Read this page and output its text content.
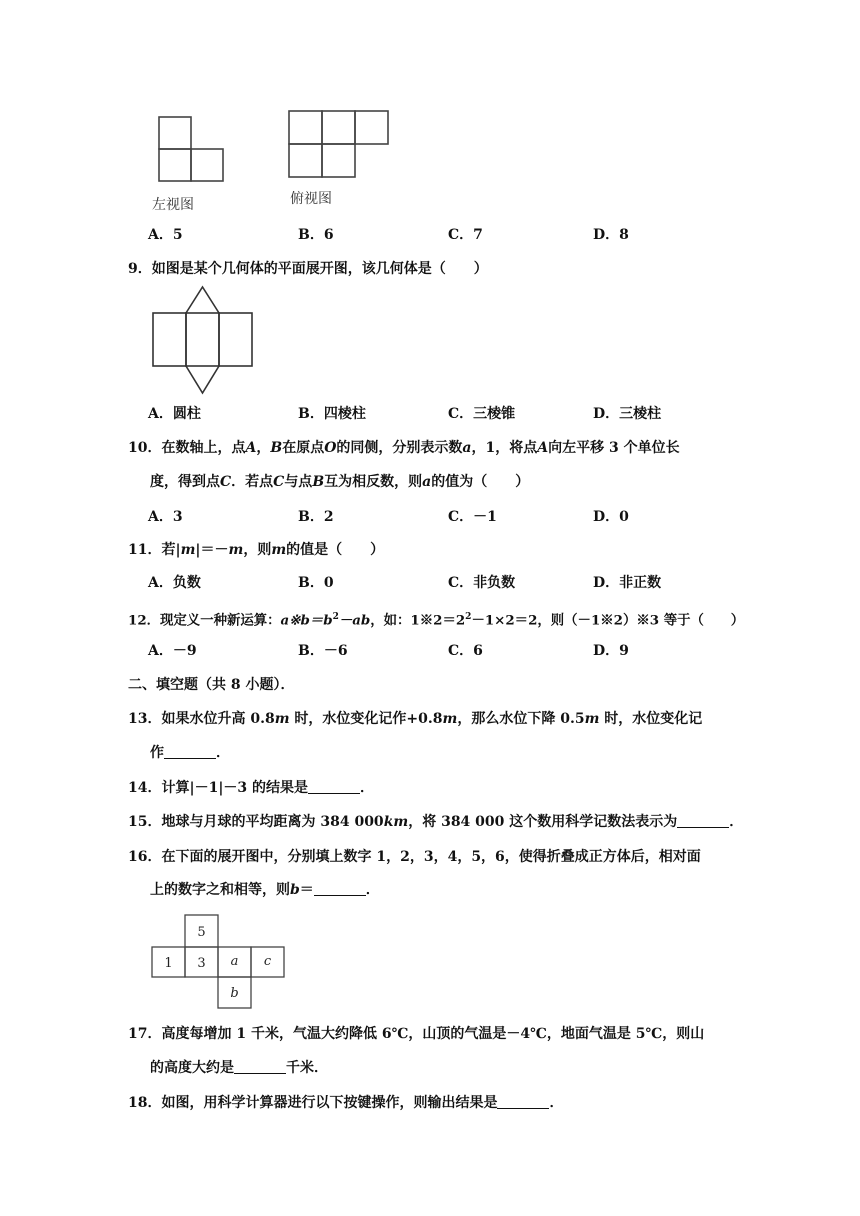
左视图	俯视图
A．5	B．6	C．7	D．8
9．如图是某个几何体的平面展开图，该几何体是（　　）
A．圆柱	B．四棱柱	C．三棱锥	D．三棱柱
10．在数轴上，点A，B在原点O的同侧，分别表示数a，1，将点A向左平移 3 个单位长
度，得到点C．若点C与点B互为相反数，则a的值为（　　）
A．3	B．2	C．－1	D．0
11．若|m|＝－m，则m的值是（　　）
A．负数	B．0	C．非负数	D．非正数
12．现定义一种新运算：$a※b=b^2-ab$，如：$1※2=2^2-1\times 2=2$，则（－1※2）※3 等于（　　）
A．－9	B．－6	C．6	D．9
二、填空题（共 8 小题）．
13．如果水位升高 0.8m 时，水位变化记作+0.8m，那么水位下降 0.5m 时，水位变化记
作	．
14．计算|－1|－3 的结果是	．
15．地球与月球的平均距离为 384 000km，将 384 000 这个数用科学记数法表示为	．
16．在下面的展开图中，分别填上数字 1，2，3，4，5，6，使得折叠成正方体后，相对面
上的数字之和相等，则b＝	．
5
1 3 a c
b
17．高度每增加 1 千米，气温大约降低 6℃，山顶的气温是－4℃，地面气温是 5℃，则山
的高度大约是	千米．
18．如图，用科学计算器进行以下按键操作，则输出结果是	．
